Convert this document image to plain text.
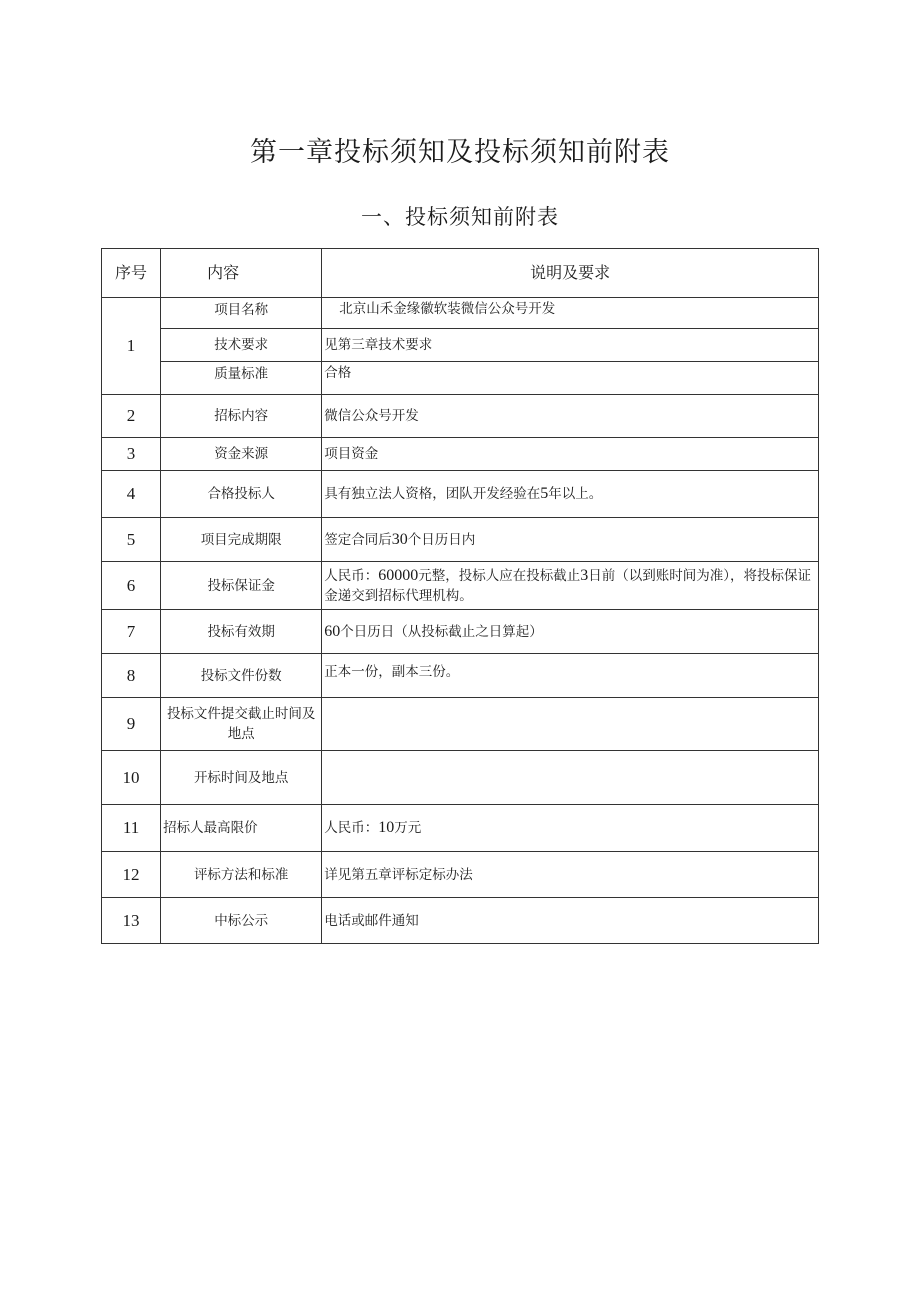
第一章投标须知及投标须知前附表
一、投标须知前附表
序号	内容	说明及要求
1	项目名称	北京山禾金缘徽软装微信公众号开发
	技术要求	见第三章技术要求
	质量标准	合格
2	招标内容	微信公众号开发
3	资金来源	项目资金
4	合格投标人	具有独立法人资格，团队开发经验在5年以上。
5	项目完成期限	签定合同后30个日历日内
6	投标保证金	人民币：60000元整，投标人应在投标截止3日前（以到账时间为准），将投标保证金递交到招标代理机构。
7	投标有效期	60个日历日（从投标截止之日算起）
8	投标文件份数	正本一份，副本三份。
9	投标文件提交截止时间及地点	
10	开标时间及地点	
11	招标人最高限价	人民币：10万元
12	评标方法和标准	详见第五章评标定标办法
13	中标公示	电话或邮件通知
